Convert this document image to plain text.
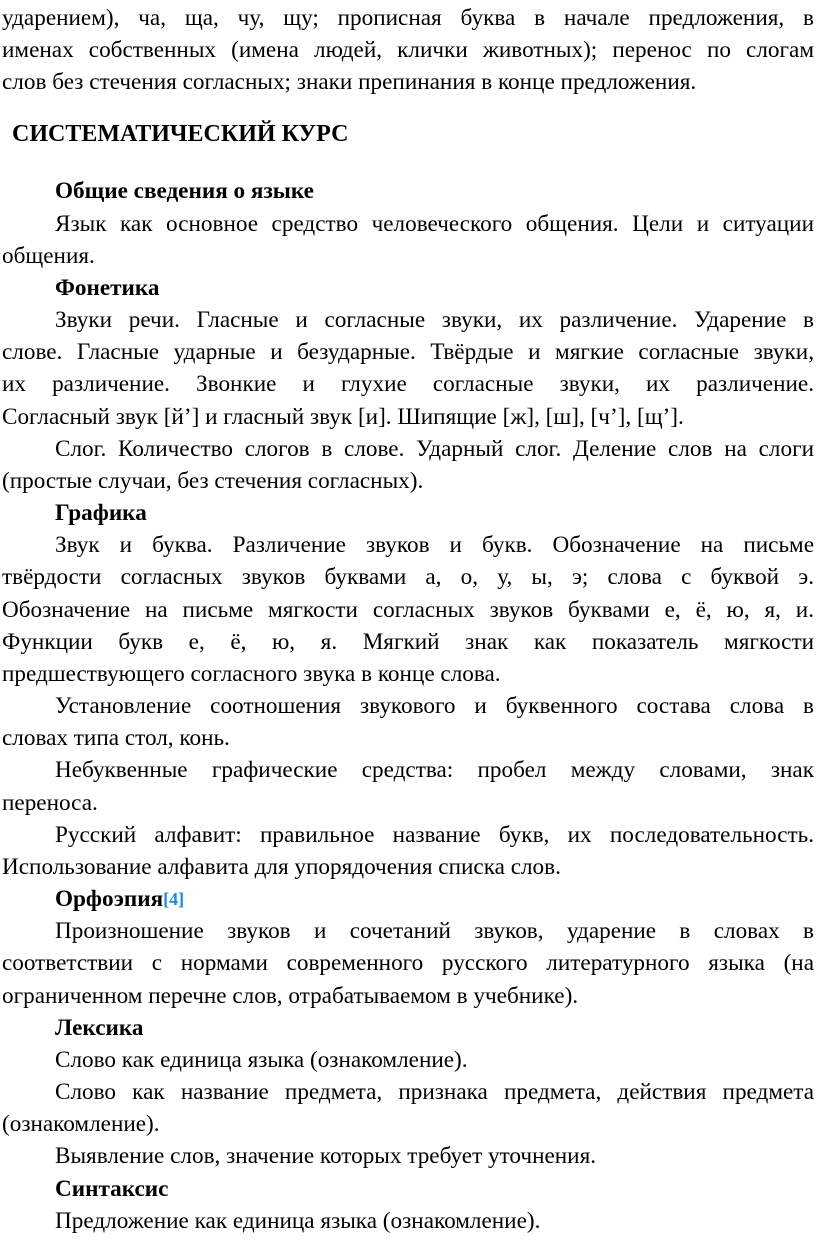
ударением), ча, ща, чу, щу; прописная буква в начале предложения, в
именах собственных (имена людей, клички животных); перенос по слогам
слов без стечения согласных; знаки препинания в конце предложения.
СИСТЕМАТИЧЕСКИЙ КУРС
Общие сведения о языке
Язык как основное средство человеческого общения. Цели и ситуации
общения.
Фонетика
Звуки речи. Гласные и согласные звуки, их различение. Ударение в
слове. Гласные ударные и безударные. Твёрдые и мягкие согласные звуки,
их различение. Звонкие и глухие согласные звуки, их различение.
Согласный звук [й’] и гласный звук [и]. Шипящие [ж], [ш], [ч’], [щ’].
Слог. Количество слогов в слове. Ударный слог. Деление слов на слоги
(простые случаи, без стечения согласных).
Графика
Звук и буква. Различение звуков и букв. Обозначение на письме
твёрдости согласных звуков буквами а, о, у, ы, э; слова с буквой э.
Обозначение на письме мягкости согласных звуков буквами е, ё, ю, я, и.
Функции букв е, ё, ю, я. Мягкий знак как показатель мягкости
предшествующего согласного звука в конце слова.
Установление соотношения звукового и буквенного состава слова в
словах типа стол, конь.
Небуквенные графические средства: пробел между словами, знак
переноса.
Русский алфавит: правильное название букв, их последовательность.
Использование алфавита для упорядочения списка слов.
Орфоэпия[4]
Произношение звуков и сочетаний звуков, ударение в словах в
соответствии с нормами современного русского литературного языка (на
ограниченном перечне слов, отрабатываемом в учебнике).
Лексика
Слово как единица языка (ознакомление).
Слово как название предмета, признака предмета, действия предмета
(ознакомление).
Выявление слов, значение которых требует уточнения.
Синтаксис
Предложение как единица языка (ознакомление).
